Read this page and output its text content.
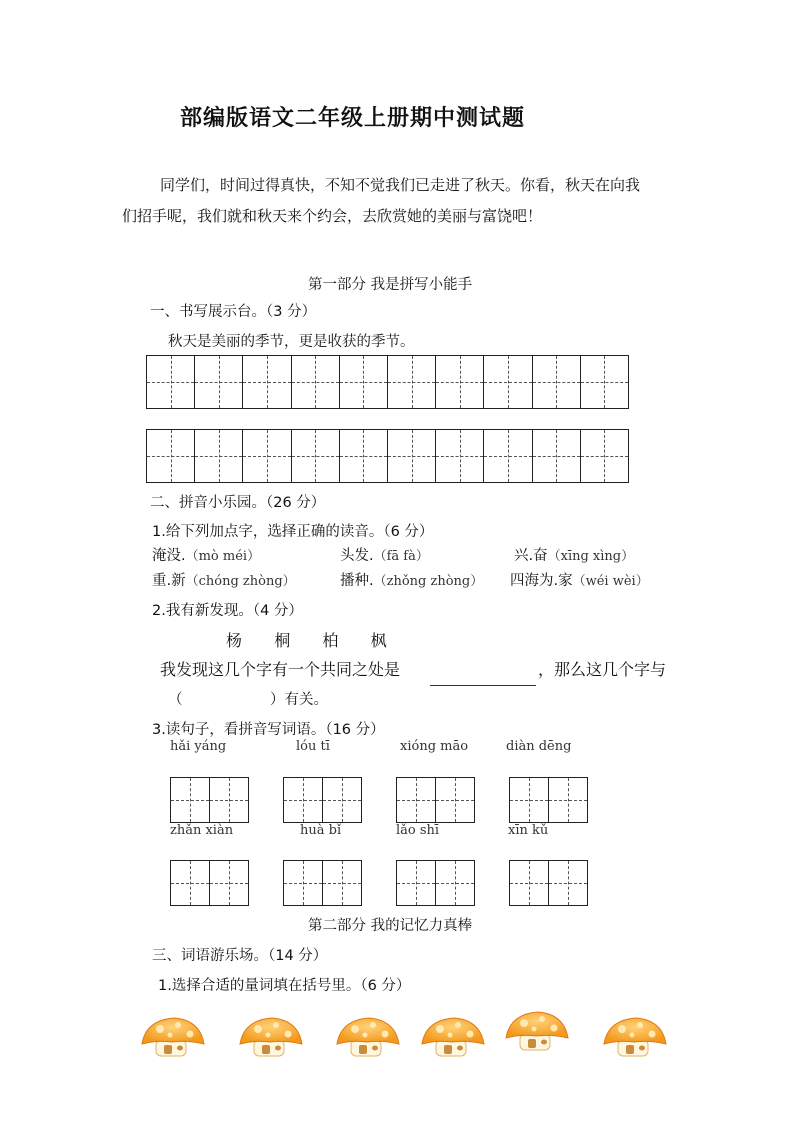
部编版语文二年级上册期中测试题

同学们，时间过得真快，不知不觉我们已走进了秋天。你看，秋天在向我

们招手呢，我们就和秋天来个约会，去欣赏她的美丽与富饶吧！

第一部分 我是拼写小能手
一、书写展示台。（3 分）
秋天是美丽的季节，更是收获的季节。
二、拼音小乐园。（26 分）
1.给下列加点字，选择正确的读音。（6 分）
淹没.（mò méi）	头发.（fā fà）	兴.奋（xīng xìng）
重.新（chóng zhòng）	播种.（zhǒng zhòng） 四海为.家（wéi wèi）
2.我有新发现。（4 分）
杨 桐 柏 枫
我发现这几个字有一个共同之处是	，那么这几个字与
（	）有关。
3.读句子，看拼音写词语。（16 分）
hǎi yáng	lóu tī	xióng māo	diàn dēng
zhǎn xiàn	huà bǐ	lǎo shī	xīn kǔ
第二部分 我的记忆力真棒
三、词语游乐场。（14 分）
1.选择合适的量词填在括号里。（6 分）
